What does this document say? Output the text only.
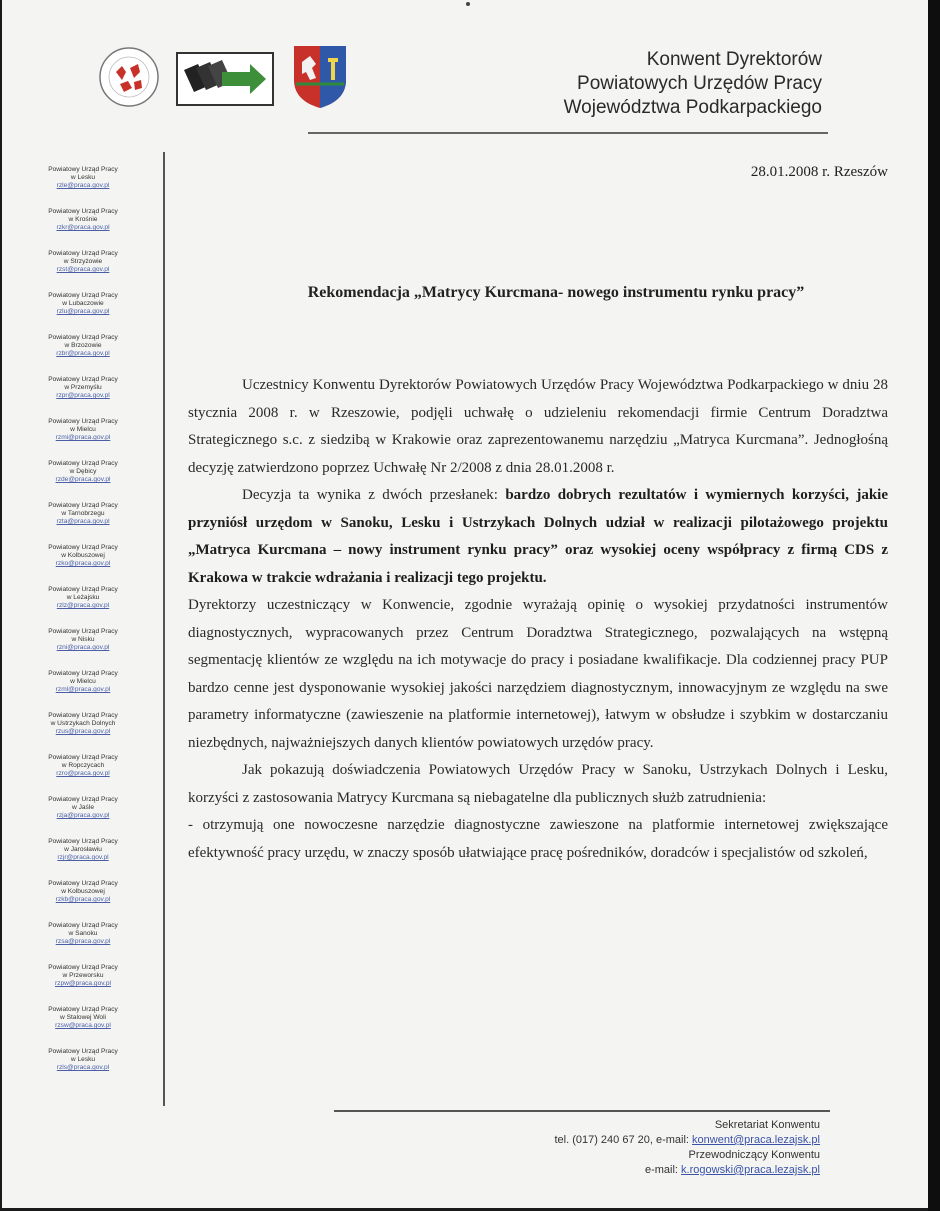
Konwent Dyrektorów
Powiatowych Urzędów Pracy
Województwa Podkarpackiego
Powiatowy Urząd Pracy
w Lesku
rzle@praca.gov.pl
Powiatowy Urząd Pracy
w Krośnie
rzkr@praca.gov.pl
Powiatowy Urząd Pracy
w Strzyżowie
rzst@praca.gov.pl
Powiatowy Urząd Pracy
w Lubaczowie
rzlu@praca.gov.pl
Powiatowy Urząd Pracy
w Brzozowie
rzbr@praca.gov.pl
Powiatowy Urząd Pracy
w Przemyślu
rzpr@praca.gov.pl
Powiatowy Urząd Pracy
w Mielcu
rzmi@praca.gov.pl
Powiatowy Urząd Pracy
w Dębicy
rzde@praca.gov.pl
Powiatowy Urząd Pracy
w Tarnobrzegu
rzta@praca.gov.pl
Powiatowy Urząd Pracy
w Kolbuszowej
rzko@praca.gov.pl
Powiatowy Urząd Pracy
w Leżajsku
rzlz@praca.gov.pl
Powiatowy Urząd Pracy
w Nisku
rzni@praca.gov.pl
Powiatowy Urząd Pracy
w Mielcu
rzml@praca.gov.pl
Powiatowy Urząd Pracy
w Ustrzykach Dolnych
rzus@praca.gov.pl
Powiatowy Urząd Pracy
w Ropczycach
rzro@praca.gov.pl
Powiatowy Urząd Pracy
w Jaśle
rzja@praca.gov.pl
Powiatowy Urząd Pracy
w Jarosławiu
rzjr@praca.gov.pl
Powiatowy Urząd Pracy
w Kolbuszowej
rzkb@praca.gov.pl
Powiatowy Urząd Pracy
w Sanoku
rzsa@praca.gov.pl
Powiatowy Urząd Pracy
w Przeworsku
rzpw@praca.gov.pl
Powiatowy Urząd Pracy
w Stalowej Woli
rzsw@praca.gov.pl
Powiatowy Urząd Pracy
w Lesku
rzls@praca.gov.pl
28.01.2008 r. Rzeszów
Rekomendacja „Matrycy Kurcmana- nowego instrumentu rynku pracy”

Uczestnicy Konwentu Dyrektorów Powiatowych Urzędów Pracy Województwa Podkarpackiego w dniu 28 stycznia 2008 r. w Rzeszowie, podjęli uchwałę o udzieleniu rekomendacji firmie Centrum Doradztwa Strategicznego s.c. z siedzibą w Krakowie oraz zaprezentowanemu narzędziu „Matryca Kurcmana”. Jednogłośną decyzję zatwierdzono poprzez Uchwałę Nr 2/2008 z dnia 28.01.2008 r.

Decyzja ta wynika z dwóch przesłanek: bardzo dobrych rezultatów i wymiernych korzyści, jakie przyniósł urzędom w Sanoku, Lesku i Ustrzykach Dolnych udział w realizacji pilotażowego projektu „Matryca Kurcmana – nowy instrument rynku pracy” oraz wysokiej oceny współpracy z firmą CDS z Krakowa w trakcie wdrażania i realizacji tego projektu.

Dyrektorzy uczestniczący w Konwencie, zgodnie wyrażają opinię o wysokiej przydatności instrumentów diagnostycznych, wypracowanych przez Centrum Doradztwa Strategicznego, pozwalających na wstępną segmentację klientów ze względu na ich motywacje do pracy i posiadane kwalifikacje. Dla codziennej pracy PUP bardzo cenne jest dysponowanie wysokiej jakości narzędziem diagnostycznym, innowacyjnym ze względu na swe parametry informatyczne (zawieszenie na platformie internetowej), łatwym w obsłudze i szybkim w dostarczaniu niezbędnych, najważniejszych danych klientów powiatowych urzędów pracy.

Jak pokazują doświadczenia Powiatowych Urzędów Pracy w Sanoku, Ustrzykach Dolnych i Lesku, korzyści z zastosowania Matrycy Kurcmana są niebagatelne dla publicznych służb zatrudnienia:

- otrzymują one nowoczesne narzędzie diagnostyczne zawieszone na platformie internetowej zwiększające efektywność pracy urzędu, w znaczy sposób ułatwiające pracę pośredników, doradców i specjalistów od szkoleń,

Sekretariat Konwentu
tel. (017) 240 67 20, e-mail: konwent@praca.lezajsk.pl
Przewodniczący Konwentu
e-mail: k.rogowski@praca.lezajsk.pl
